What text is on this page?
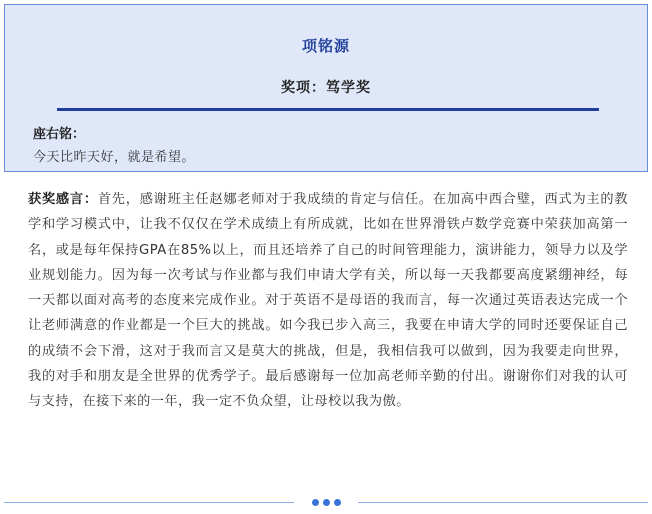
项铭源
奖项：笃学奖
座右铭：
今天比昨天好，就是希望。

获奖感言：首先，感谢班主任赵娜老师对于我成绩的肯定与信任。在加高中西合璧，西式为主的教学和学习模式中，让我不仅仅在学术成绩上有所成就，比如在世界滑铁卢数学竞赛中荣获加高第一名，或是每年保持GPA在85%以上，而且还培养了自己的时间管理能力，演讲能力，领导力以及学业规划能力。因为每一次考试与作业都与我们申请大学有关，所以每一天我都要高度紧绷神经，每一天都以面对高考的态度来完成作业。对于英语不是母语的我而言，每一次通过英语表达完成一个让老师满意的作业都是一个巨大的挑战。如今我已步入高三，我要在申请大学的同时还要保证自己的成绩不会下滑，这对于我而言又是莫大的挑战，但是，我相信我可以做到，因为我要走向世界，我的对手和朋友是全世界的优秀学子。最后感谢每一位加高老师辛勤的付出。谢谢你们对我的认可与支持，在接下来的一年，我一定不负众望，让母校以我为傲。
